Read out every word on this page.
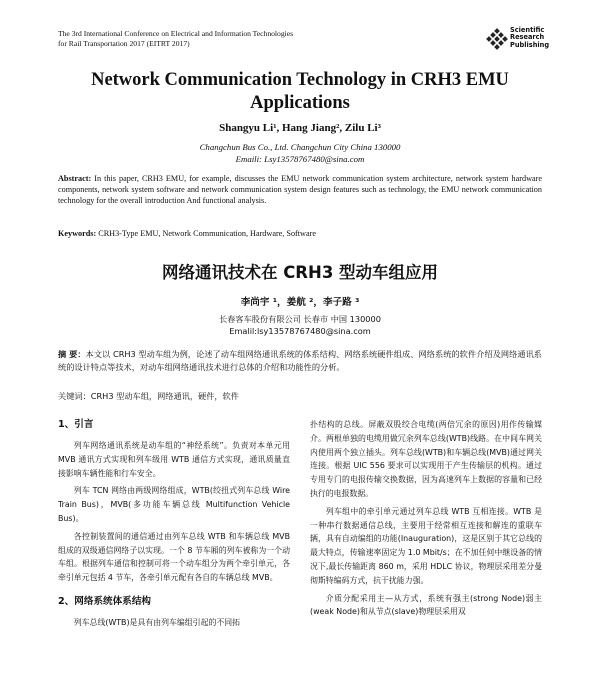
The 3rd International Conference on Electrical and Information Technologies
for Rail Transportation 2017 (EITRT 2017)
Scientific
Research
Publishing
Network Communication Technology in CRH3 EMU
Applications
Shangyu Li¹, Hang Jiang², Zilu Li³
Changchun Bus Co., Ltd. Changchun City China 130000
Emaili: Lsy13578767480@sina.com
Abstract: In this paper, CRH3 EMU, for example, discusses the EMU network communication system architecture, network system hardware components, network system software and network communication system design features such as technology, the EMU network communication technology for the overall introduction And functional analysis.
Keywords: CRH3-Type EMU, Network Communication, Hardware, Software
网络通讯技术在 CRH3 型动车组应用
李尚宇 ¹，姜航 ²，李子路 ³
长春客车股份有限公司 长春市 中国 130000
Emalil:lsy13578767480@sina.com
摘 要：本文以 CRH3 型动车组为例，论述了动车组网络通讯系统的体系结构、网络系统硬件组成、网络系统的软件介绍及网络通讯系统的设计特点等技术，对动车组网络通讯技术进行总体的介绍和功能性的分析。
关键词：CRH3 型动车组，网络通讯，硬件，软件
1、引言

列车网络通讯系统是动车组的“神经系统”。负责对本单元用 MVB 通讯方式实现和列车级用 WTB 通信方式实现，通讯质量直接影响车辆性能和行车安全。

列车 TCN 网络由两级网络组成，WTB(绞扭式列车总线 Wire Train Bus)，MVB(多功能车辆总线 Multifunction Vehicle Bus)。

各控制装置间的通信通过由列车总线 WTB 和车辆总线 MVB 组成的双级通信网络子以实现。一个 8 节车厢的列车被称为一个动车组。根据列车通信和控制可将一个动车组分为两个牵引单元，各牵引单元包括 4 节车，各牵引单元配有各自的车辆总线 MVB。

2、网络系统体系结构

列车总线(WTB)是具有由列车编组引起的不同拓

扑结构的总线。屏蔽双股绞合电缆(两倍冗余的原因)用作传输媒介。两根单独的电缆用做冗余列车总线(WTB)线路。在中间车网关内使用两个独立插头。列车总线(WTB)和车辆总线(MVB)通过网关连接。根据 UIC 556 要求可以实现用于产生传输层的机构。通过专用专门的电报传输交换数据，因为高速列车上数据的容量和已经执行的电报数据。

列车组中的牵引单元通过列车总线 WTB 互相连接。WTB 是一种串行数据通信总线，主要用于经常相互连接和解连的重联车辆，具有自动编组的功能(Inauguration)，这是区别于其它总线的最大特点，传输速率固定为 1.0 Mbit/s；在不加任何中继设备的情况下,最长传输距离 860 m，采用 HDLC 协议，物理层采用差分曼彻斯特编码方式，抗干扰能力强。

介质分配采用主—从方式，系统有强主(strong Node)弱主(weak Node)和从节点(slave)物理层采用双
